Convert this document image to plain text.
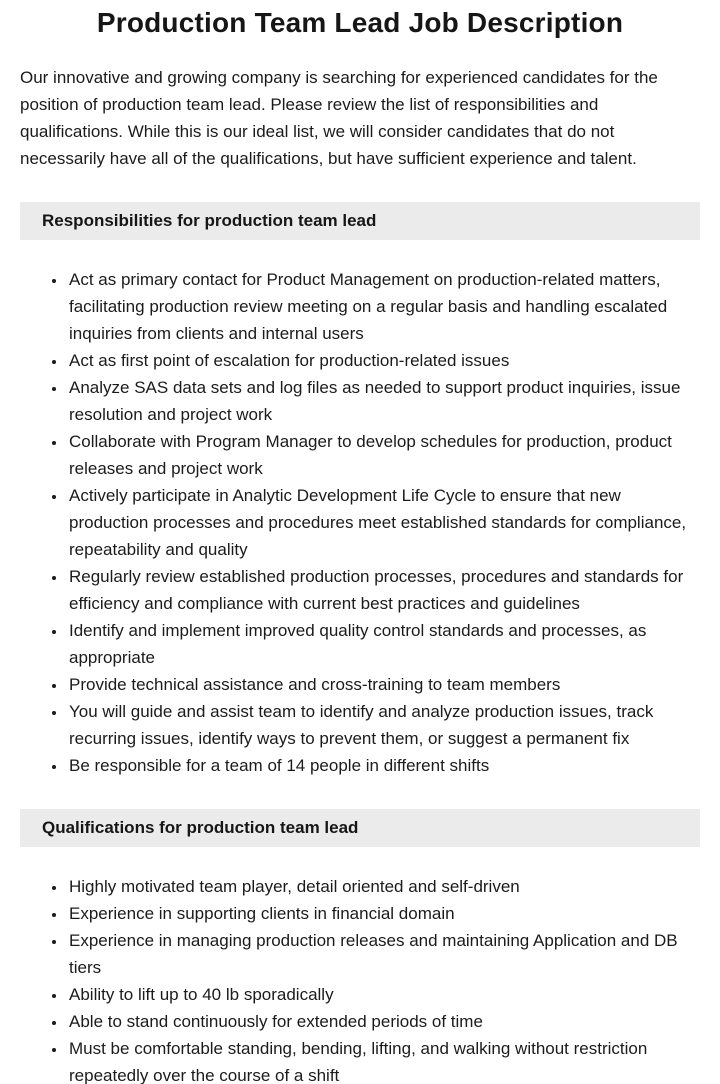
Production Team Lead Job Description

Our innovative and growing company is searching for experienced candidates for the position of production team lead. Please review the list of responsibilities and qualifications. While this is our ideal list, we will consider candidates that do not necessarily have all of the qualifications, but have sufficient experience and talent.

Responsibilities for production team lead
• Act as primary contact for Product Management on production-related matters, facilitating production review meeting on a regular basis and handling escalated inquiries from clients and internal users
• Act as first point of escalation for production-related issues
• Analyze SAS data sets and log files as needed to support product inquiries, issue resolution and project work
• Collaborate with Program Manager to develop schedules for production, product releases and project work
• Actively participate in Analytic Development Life Cycle to ensure that new production processes and procedures meet established standards for compliance, repeatability and quality
• Regularly review established production processes, procedures and standards for efficiency and compliance with current best practices and guidelines
• Identify and implement improved quality control standards and processes, as appropriate
• Provide technical assistance and cross-training to team members
• You will guide and assist team to identify and analyze production issues, track recurring issues, identify ways to prevent them, or suggest a permanent fix
• Be responsible for a team of 14 people in different shifts
Qualifications for production team lead
• Highly motivated team player, detail oriented and self-driven
• Experience in supporting clients in financial domain
• Experience in managing production releases and maintaining Application and DB tiers
• Ability to lift up to 40 lb sporadically
• Able to stand continuously for extended periods of time
• Must be comfortable standing, bending, lifting, and walking without restriction repeatedly over the course of a shift
